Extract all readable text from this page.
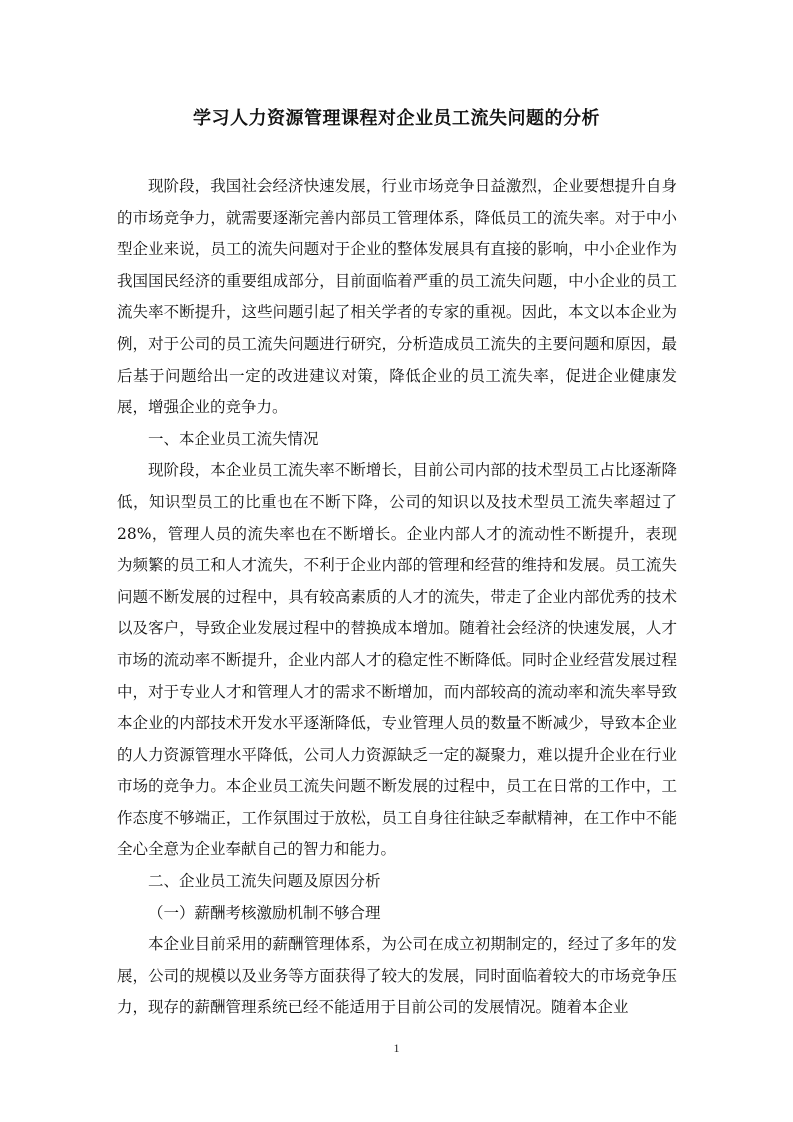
学习人力资源管理课程对企业员工流失问题的分析

现阶段，我国社会经济快速发展，行业市场竞争日益激烈，企业要想提升自身的市场竞争力，就需要逐渐完善内部员工管理体系，降低员工的流失率。对于中小型企业来说，员工的流失问题对于企业的整体发展具有直接的影响，中小企业作为我国国民经济的重要组成部分，目前面临着严重的员工流失问题，中小企业的员工流失率不断提升，这些问题引起了相关学者的专家的重视。因此，本文以本企业为例，对于公司的员工流失问题进行研究，分析造成员工流失的主要问题和原因，最后基于问题给出一定的改进建议对策，降低企业的员工流失率，促进企业健康发展，增强企业的竞争力。

一、本企业员工流失情况

现阶段，本企业员工流失率不断增长，目前公司内部的技术型员工占比逐渐降低，知识型员工的比重也在不断下降，公司的知识以及技术型员工流失率超过了 28%，管理人员的流失率也在不断增长。企业内部人才的流动性不断提升，表现为频繁的员工和人才流失，不利于企业内部的管理和经营的维持和发展。员工流失问题不断发展的过程中，具有较高素质的人才的流失，带走了企业内部优秀的技术以及客户，导致企业发展过程中的替换成本增加。随着社会经济的快速发展，人才市场的流动率不断提升，企业内部人才的稳定性不断降低。同时企业经营发展过程中，对于专业人才和管理人才的需求不断增加，而内部较高的流动率和流失率导致本企业的内部技术开发水平逐渐降低，专业管理人员的数量不断减少，导致本企业的人力资源管理水平降低，公司人力资源缺乏一定的凝聚力，难以提升企业在行业市场的竞争力。本企业员工流失问题不断发展的过程中，员工在日常的工作中，工作态度不够端正，工作氛围过于放松，员工自身往往缺乏奉献精神，在工作中不能全心全意为企业奉献自己的智力和能力。

二、企业员工流失问题及原因分析

（一）薪酬考核激励机制不够合理

本企业目前采用的薪酬管理体系，为公司在成立初期制定的，经过了多年的发展，公司的规模以及业务等方面获得了较大的发展，同时面临着较大的市场竞争压力，现存的薪酬管理系统已经不能适用于目前公司的发展情况。随着本企业

1
